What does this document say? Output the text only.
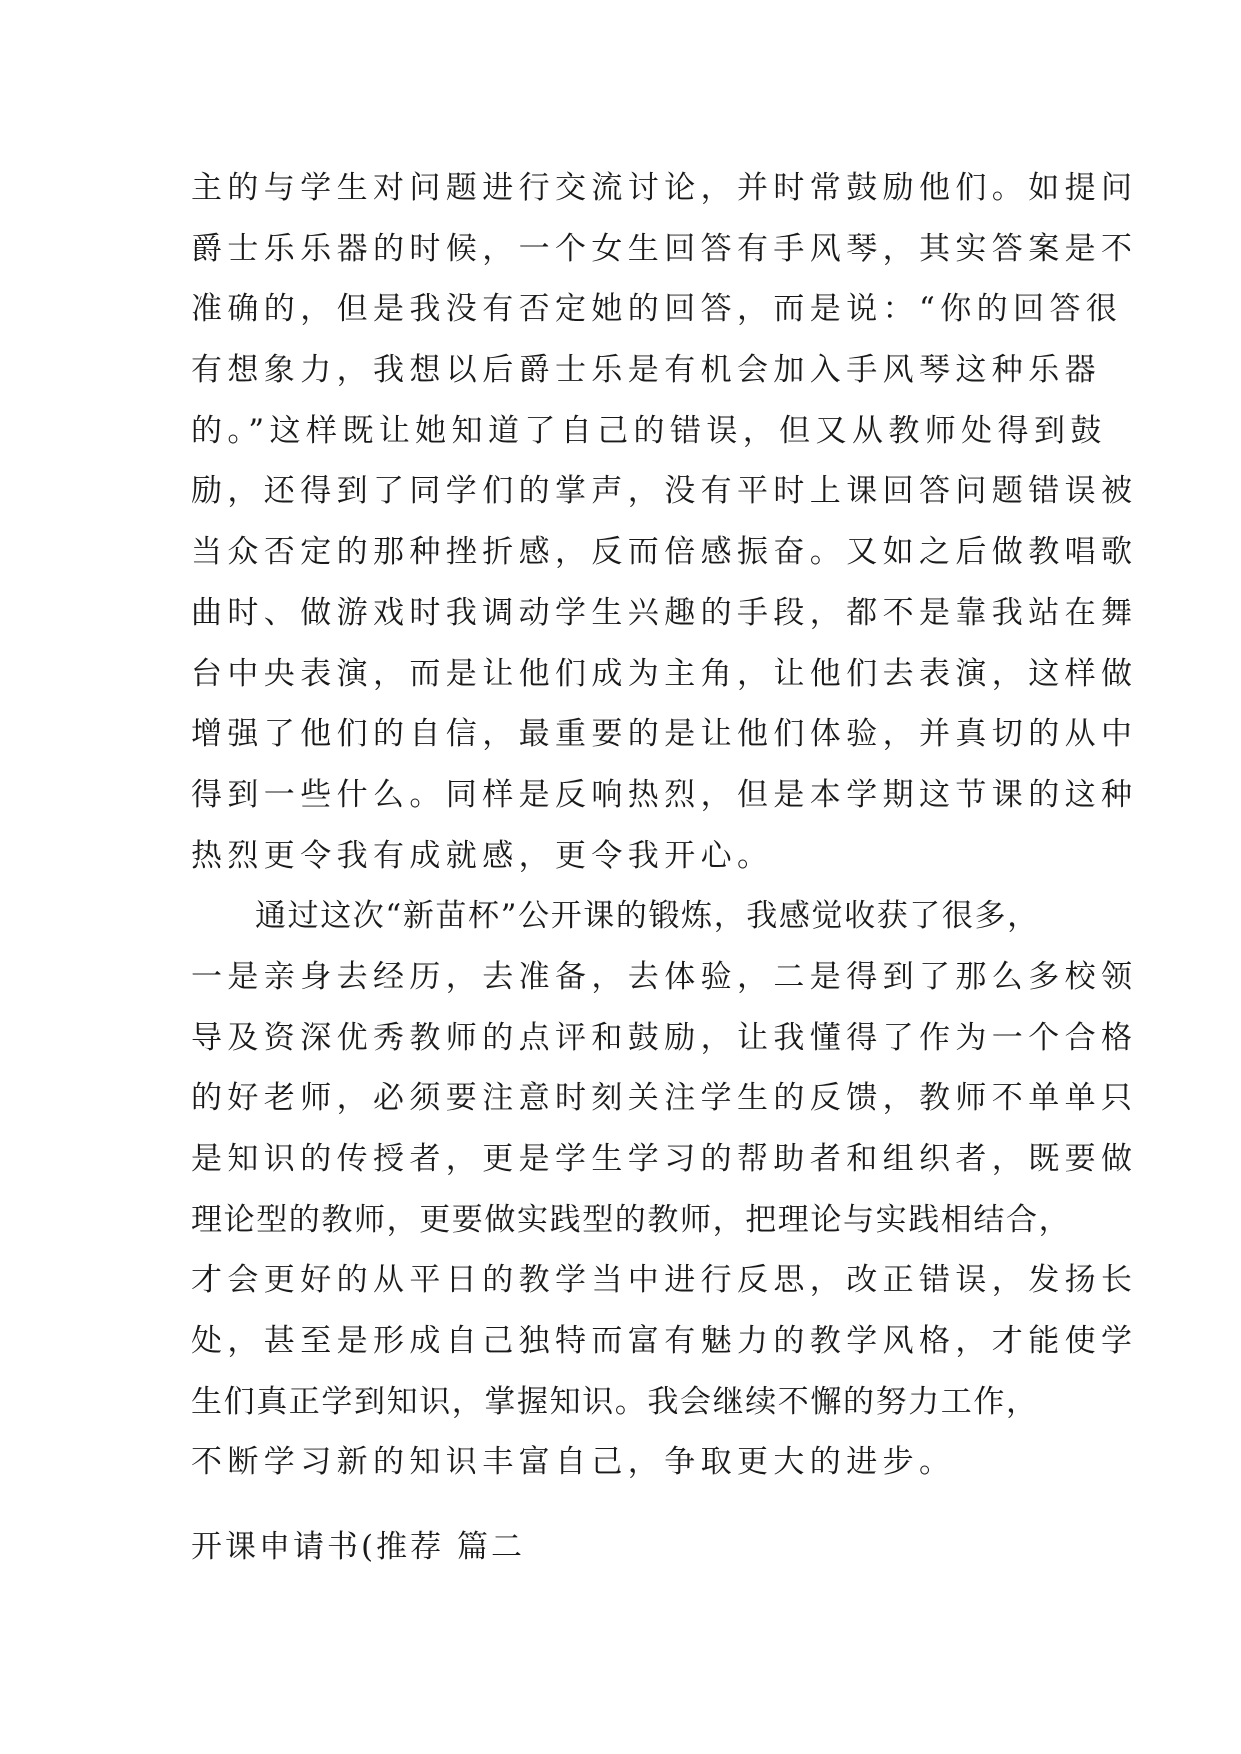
主的与学生对问题进行交流讨论，并时常鼓励他们。如提问
爵士乐乐器的时候，一个女生回答有手风琴，其实答案是不
准确的，但是我没有否定她的回答，而是说：“你的回答很
有想象力，我想以后爵士乐是有机会加入手风琴这种乐器
的。”这样既让她知道了自己的错误，但又从教师处得到鼓
励，还得到了同学们的掌声，没有平时上课回答问题错误被
当众否定的那种挫折感，反而倍感振奋。又如之后做教唱歌
曲时、做游戏时我调动学生兴趣的手段，都不是靠我站在舞
台中央表演，而是让他们成为主角，让他们去表演，这样做
增强了他们的自信，最重要的是让他们体验，并真切的从中
得到一些什么。同样是反响热烈，但是本学期这节课的这种
热烈更令我有成就感，更令我开心。
通过这次“新苗杯”公开课的锻炼，我感觉收获了很多，
一是亲身去经历，去准备，去体验，二是得到了那么多校领
导及资深优秀教师的点评和鼓励，让我懂得了作为一个合格
的好老师，必须要注意时刻关注学生的反馈，教师不单单只
是知识的传授者，更是学生学习的帮助者和组织者，既要做
理论型的教师，更要做实践型的教师，把理论与实践相结合，
才会更好的从平日的教学当中进行反思，改正错误，发扬长
处，甚至是形成自己独特而富有魅力的教学风格，才能使学
生们真正学到知识，掌握知识。我会继续不懈的努力工作，
不断学习新的知识丰富自己，争取更大的进步。
开课申请书(推荐 篇二
